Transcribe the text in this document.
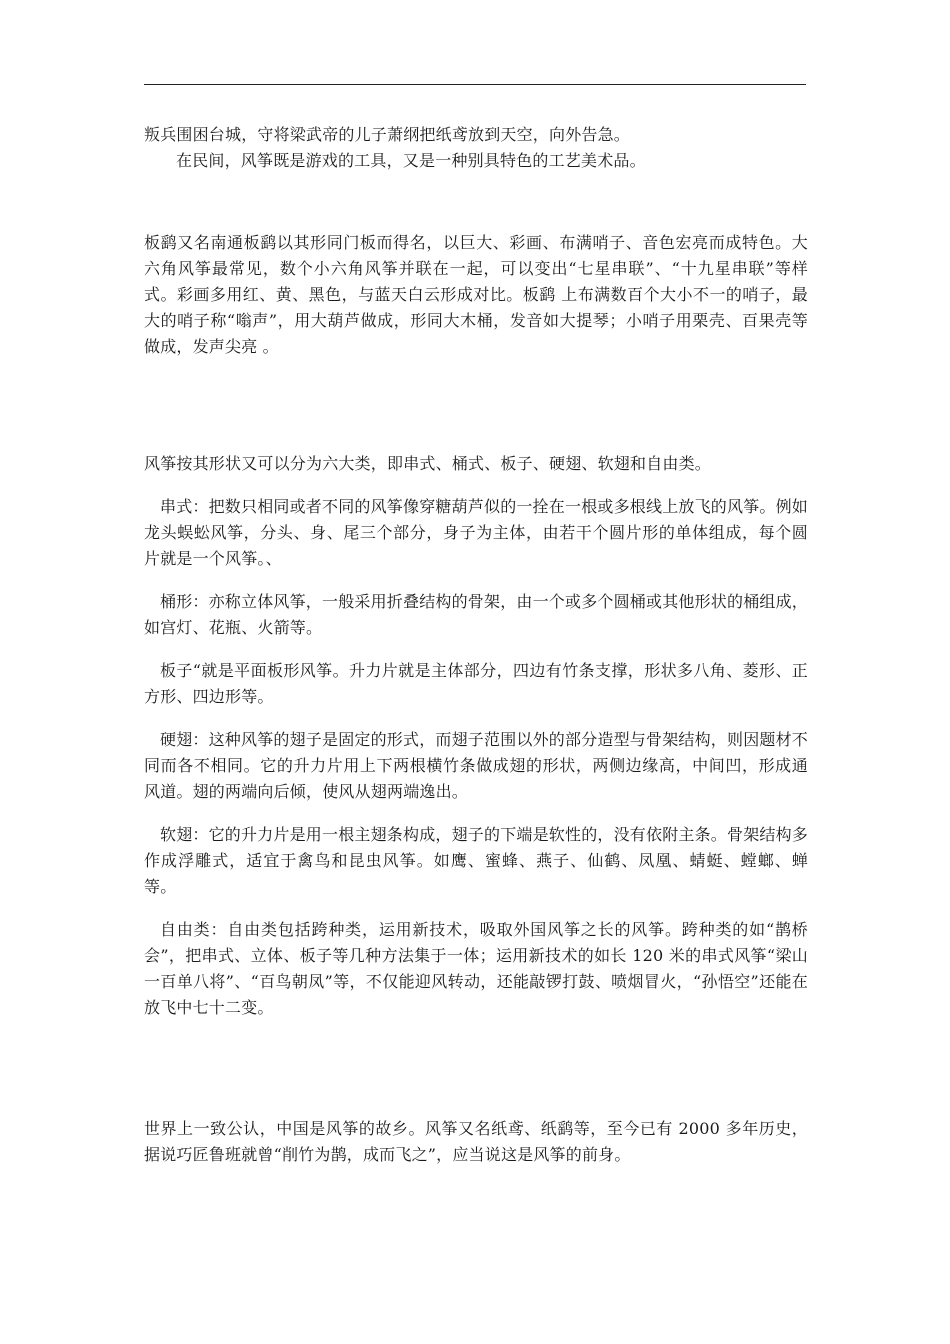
叛兵围困台城，守将梁武帝的儿子萧纲把纸鸢放到天空，向外告急。

在民间，风筝既是游戏的工具，又是一种别具特色的工艺美术品。

板鹞又名南通板鹞以其形同门板而得名，以巨大、彩画、布满哨子、音色宏亮而成特色。大六角风筝最常见，数个小六角风筝并联在一起，可以变出“七星串联”、“十九星串联”等样式。彩画多用红、黄、黑色，与蓝天白云形成对比。板鹞 上布满数百个大小不一的哨子，最大的哨子称“嗡声”，用大葫芦做成，形同大木桶，发音如大提琴；小哨子用栗壳、百果壳等做成，发声尖亮 。

风筝按其形状又可以分为六大类，即串式、桶式、板子、硬翅、软翅和自由类。

串式：把数只相同或者不同的风筝像穿糖葫芦似的一拴在一根或多根线上放飞的风筝。例如龙头蜈蚣风筝，分头、身、尾三个部分，身子为主体，由若干个圆片形的单体组成，每个圆片就是一个风筝。、

桶形：亦称立体风筝，一般采用折叠结构的骨架，由一个或多个圆桶或其他形状的桶组成，如宫灯、花瓶、火箭等。

板子“就是平面板形风筝。升力片就是主体部分，四边有竹条支撑，形状多八角、菱形、正方形、四边形等。

硬翅：这种风筝的翅子是固定的形式，而翅子范围以外的部分造型与骨架结构，则因题材不同而各不相同。它的升力片用上下两根横竹条做成翅的形状，两侧边缘高，中间凹，形成通风道。翅的两端向后倾，使风从翅两端逸出。

软翅：它的升力片是用一根主翅条构成，翅子的下端是软性的，没有依附主条。骨架结构多作成浮雕式，适宜于禽鸟和昆虫风筝。如鹰、蜜蜂、燕子、仙鹤、凤凰、蜻蜓、螳螂、蝉等。

自由类：自由类包括跨种类，运用新技术，吸取外国风筝之长的风筝。跨种类的如“鹊桥会”，把串式、立体、板子等几种方法集于一体；运用新技术的如长 120 米的串式风筝“梁山一百单八将”、“百鸟朝凤”等，不仅能迎风转动，还能敲锣打鼓、喷烟冒火，“孙悟空”还能在放飞中七十二变。

世界上一致公认，中国是风筝的故乡。风筝又名纸鸢、纸鹞等，至今已有 2000 多年历史，据说巧匠鲁班就曾“削竹为鹊，成而飞之”，应当说这是风筝的前身。
